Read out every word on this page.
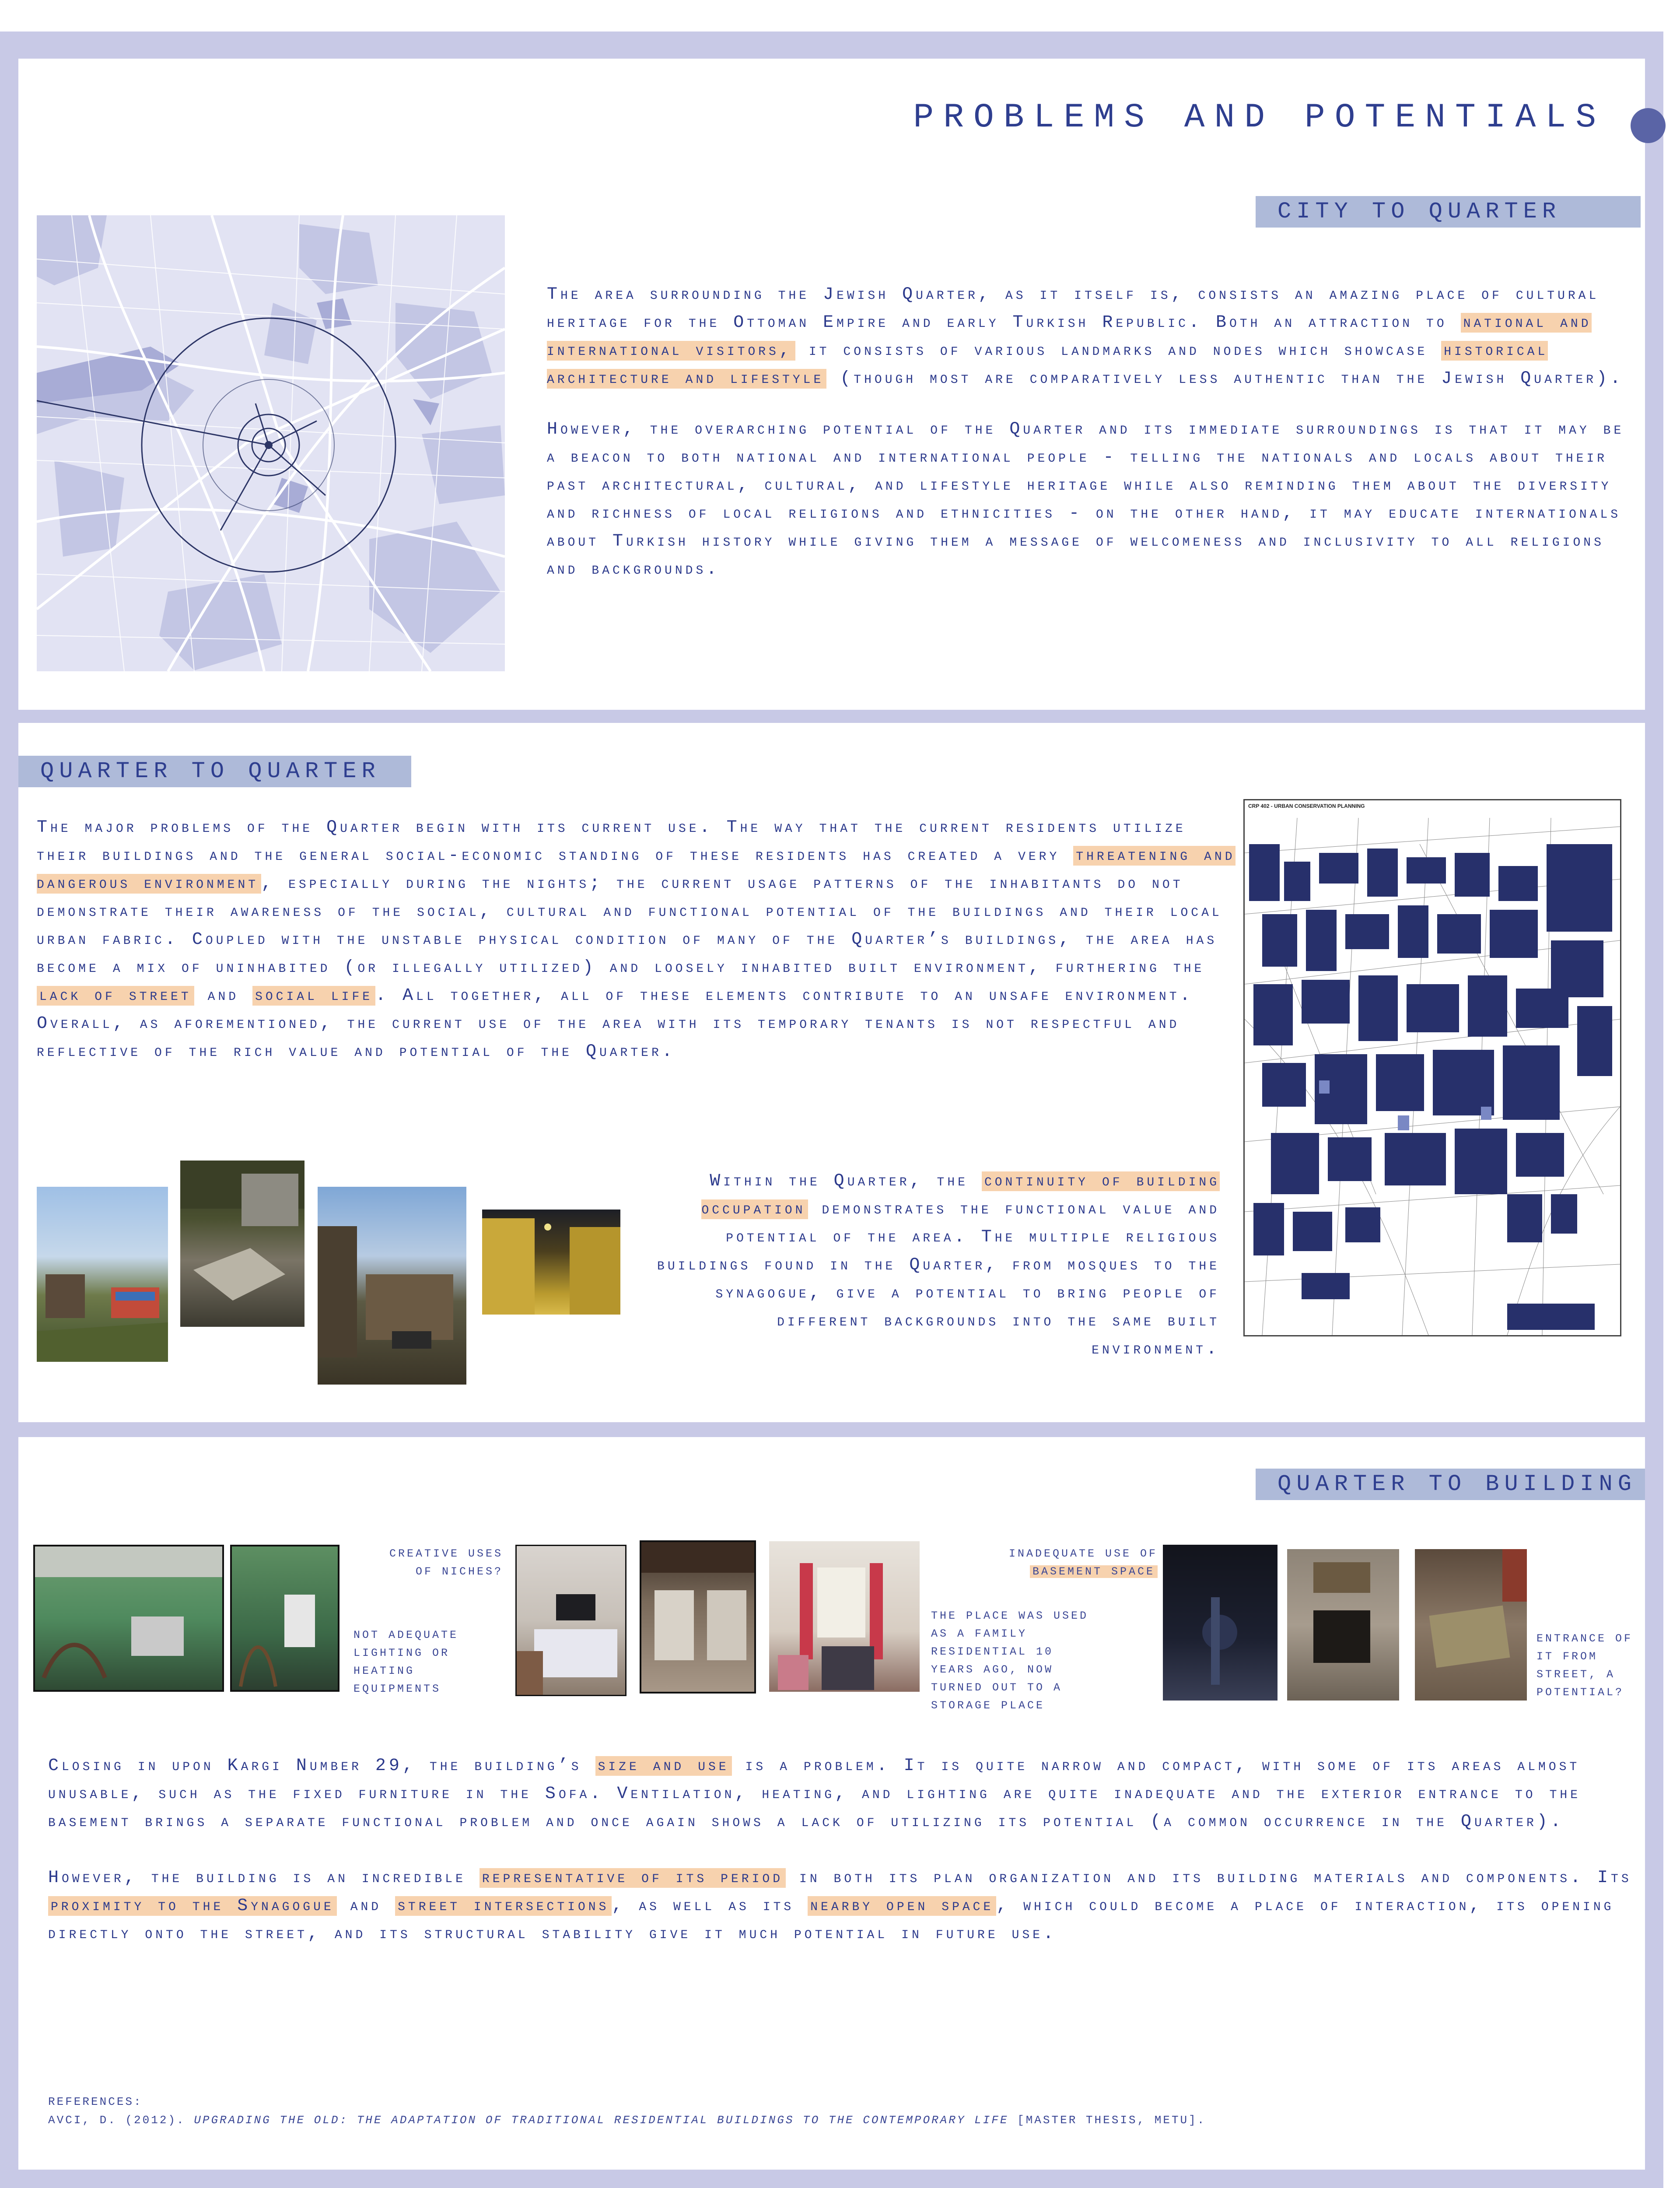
PROBLEMS AND POTENTIALS
CITY TO QUARTER

The area surrounding the Jewish Quarter, as it itself is, consists an amazing place of cultural heritage for the Ottoman Empire and early Turkish Republic. Both an attraction to national and international visitors, it consists of various landmarks and nodes which showcase historical architecture and lifestyle (though most are comparatively less authentic than the Jewish Quarter).

However, the overarching potential of the Quarter and its immediate surroundings is that it may be a beacon to both national and international people - telling the nationals and locals about their past architectural, cultural, and lifestyle heritage while also reminding them about the diversity and richness of local religions and ethnicities - on the other hand, it may educate internationals about Turkish history while giving them a message of welcomeness and inclusivity to all religions and backgrounds.

QUARTER TO QUARTER

The major problems of the Quarter begin with its current use. The way that the current residents utilize their buildings and the general social-economic standing of these residents has created a very threatening and dangerous environment , especially during the nights; the current usage patterns of the inhabitants do not demonstrate their awareness of the social, cultural and functional potential of the buildings and their local urban fabric. Coupled with the unstable physical condition of many of the Quarter’s buildings, the area has become a mix of uninhabited (or illegally utilized) and loosely inhabited built environment, furthering the lack of street and social life . All together, all of these elements contribute to an unsafe environment. Overall, as aforementioned, the current use of the area with its temporary tenants is not respectful and reflective of the rich value and potential of the Quarter.

Within the Quarter, the continuity of building occupation demonstrates the functional value and potential of the area. The multiple religious buildings found in the Quarter, from mosques to the synagogue, give a potential to bring people of different backgrounds into the same built environment.

CRP 402 - URBAN CONSERVATION PLANNING
QUARTER TO BUILDING
CREATIVE USES OF NICHES?
NOT ADEQUATE LIGHTING OR HEATING EQUIPMENTS
THE PLACE WAS USED AS A FAMILY RESIDENTIAL 10 YEARS AGO, NOW TURNED OUT TO A STORAGE PLACE
INADEQUATE USE OF
BASEMENT SPACE
ENTRANCE OF IT FROM STREET, A POTENTIAL?

Closing in upon Kargi Number 29, the building’s size and use is a problem. It is quite narrow and compact, with some of its areas almost unusable, such as the fixed furniture in the Sofa. Ventilation, heating, and lighting are quite inadequate and the exterior entrance to the basement brings a separate functional problem and once again shows a lack of utilizing its potential (a common occurrence in the Quarter).

However, the building is an incredible representative of its period in both its plan organization and its building materials and components. Its proximity to the Synagogue and street intersections , as well as its nearby open space , which could become a place of interaction, its opening directly onto the street, and its structural stability give it much potential in future use.

REFERENCES:
AVCI, D. (2012). UPGRADING THE OLD: THE ADAPTATION OF TRADITIONAL RESIDENTIAL BUILDINGS TO THE CONTEMPORARY LIFE [MASTER THESIS, METU].
